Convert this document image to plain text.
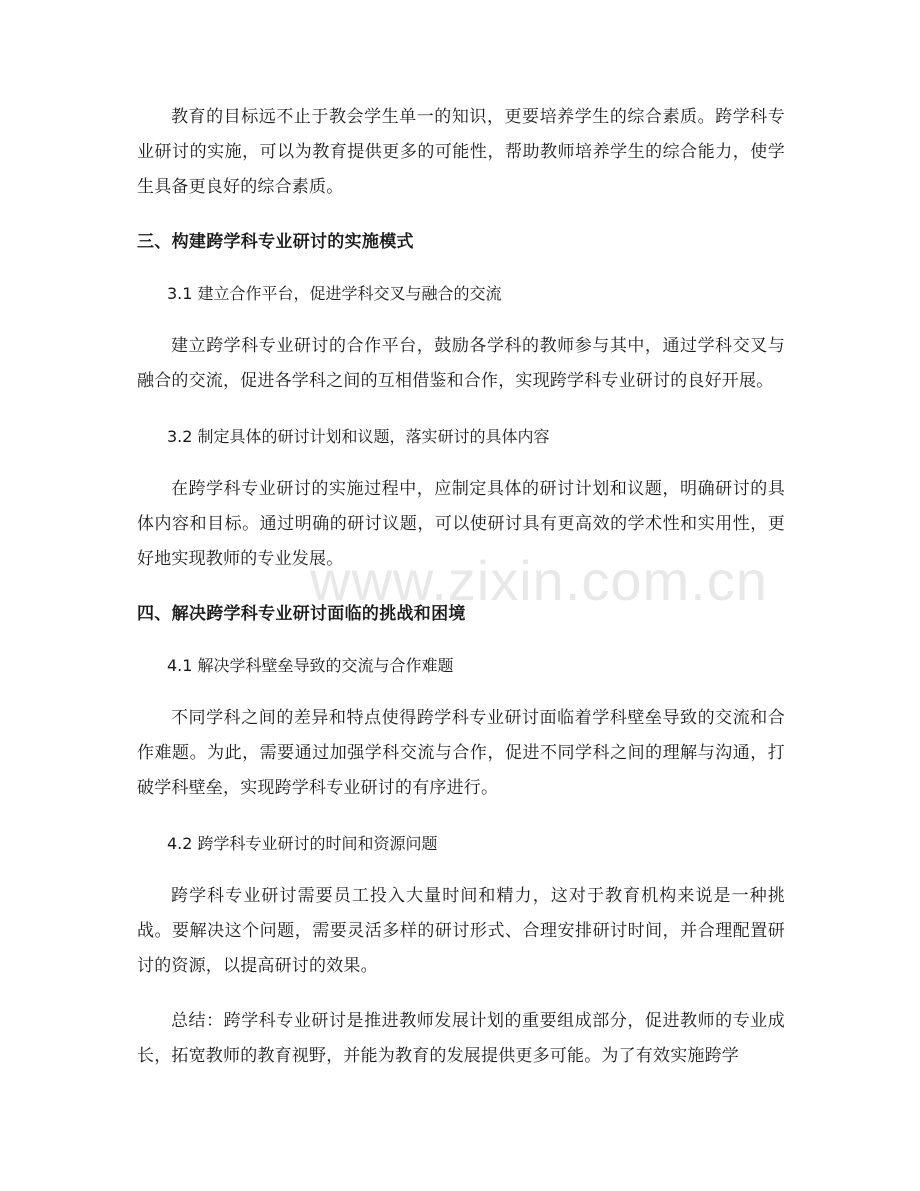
教育的目标远不止于教会学生单一的知识，更要培养学生的综合素质。跨学科专业研讨的实施，可以为教育提供更多的可能性，帮助教师培养学生的综合能力，使学生具备更良好的综合素质。

三、构建跨学科专业研讨的实施模式

3.1 建立合作平台，促进学科交叉与融合的交流

建立跨学科专业研讨的合作平台，鼓励各学科的教师参与其中，通过学科交叉与融合的交流，促进各学科之间的互相借鉴和合作，实现跨学科专业研讨的良好开展。

3.2 制定具体的研讨计划和议题，落实研讨的具体内容

在跨学科专业研讨的实施过程中，应制定具体的研讨计划和议题，明确研讨的具体内容和目标。通过明确的研讨议题，可以使研讨具有更高效的学术性和实用性，更好地实现教师的专业发展。

四、解决跨学科专业研讨面临的挑战和困境

4.1 解决学科壁垒导致的交流与合作难题

不同学科之间的差异和特点使得跨学科专业研讨面临着学科壁垒导致的交流和合作难题。为此，需要通过加强学科交流与合作，促进不同学科之间的理解与沟通，打破学科壁垒，实现跨学科专业研讨的有序进行。

4.2 跨学科专业研讨的时间和资源问题

跨学科专业研讨需要员工投入大量时间和精力，这对于教育机构来说是一种挑战。要解决这个问题，需要灵活多样的研讨形式、合理安排研讨时间，并合理配置研讨的资源，以提高研讨的效果。

总结：跨学科专业研讨是推进教师发展计划的重要组成部分，促进教师的专业成长，拓宽教师的教育视野，并能为教育的发展提供更多可能。为了有效实施跨学

www.zixin.com.cn
